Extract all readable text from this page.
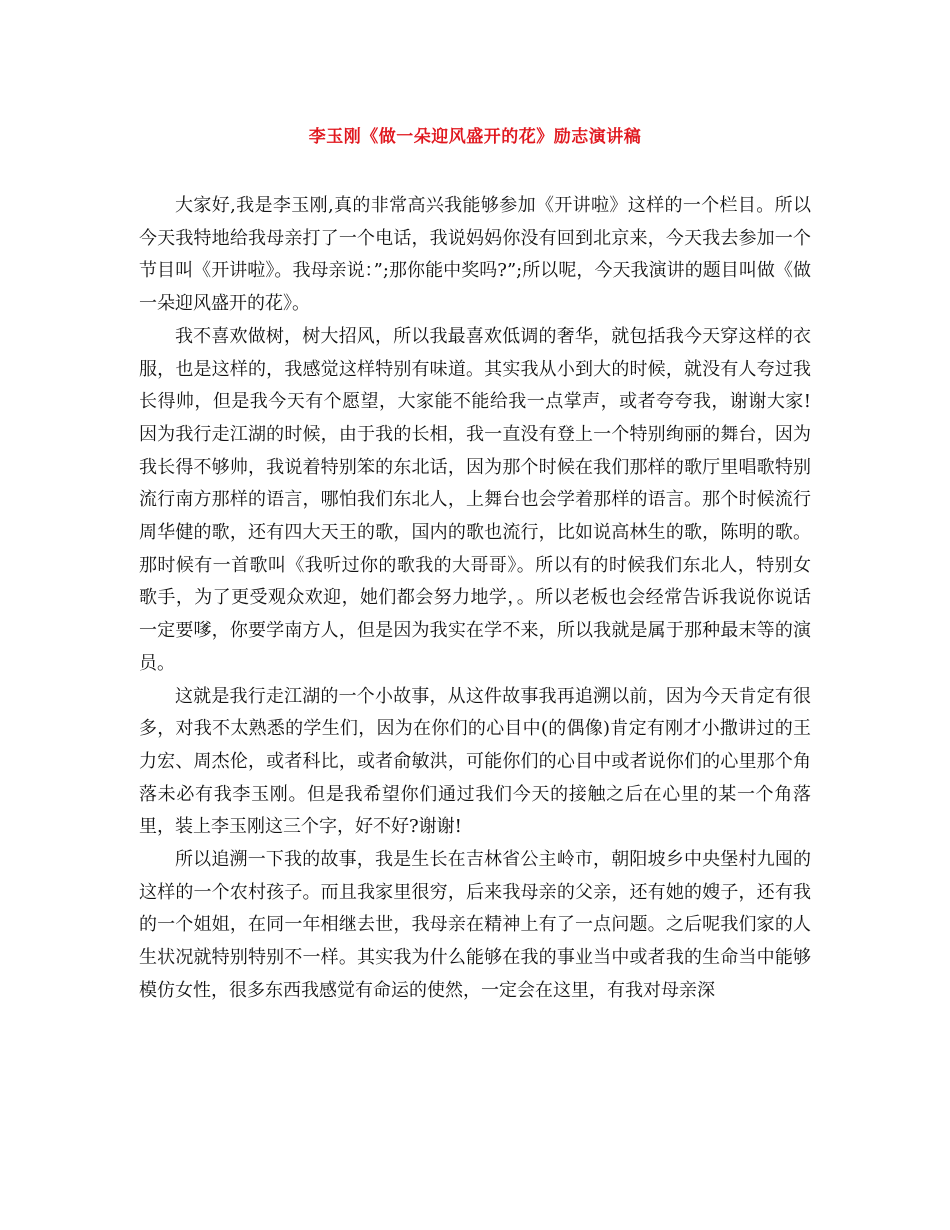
李玉刚《做一朵迎风盛开的花》励志演讲稿

大家好,我是李玉刚,真的非常高兴我能够参加《开讲啦》这样的一个栏目。所以今天我特地给我母亲打了一个电话，我说妈妈你没有回到北京来，今天我去参加一个节目叫《开讲啦》。我母亲说：”;那你能中奖吗?”;所以呢，今天我演讲的题目叫做《做一朵迎风盛开的花》。

我不喜欢做树，树大招风，所以我最喜欢低调的奢华，就包括我今天穿这样的衣服，也是这样的，我感觉这样特别有味道。其实我从小到大的时候，就没有人夸过我长得帅，但是我今天有个愿望，大家能不能给我一点掌声，或者夸夸我，谢谢大家!因为我行走江湖的时候，由于我的长相，我一直没有登上一个特别绚丽的舞台，因为我长得不够帅，我说着特别笨的东北话，因为那个时候在我们那样的歌厅里唱歌特别流行南方那样的语言，哪怕我们东北人，上舞台也会学着那样的语言。那个时候流行周华健的歌，还有四大天王的歌，国内的歌也流行，比如说高林生的歌，陈明的歌。那时候有一首歌叫《我听过你的歌我的大哥哥》。所以有的时候我们东北人，特别女歌手，为了更受观众欢迎，她们都会努力地学，。所以老板也会经常告诉我说你说话一定要嗲，你要学南方人，但是因为我实在学不来，所以我就是属于那种最末等的演员。

这就是我行走江湖的一个小故事，从这件故事我再追溯以前，因为今天肯定有很多，对我不太熟悉的学生们，因为在你们的心目中(的偶像)肯定有刚才小撒讲过的王力宏、周杰伦，或者科比，或者俞敏洪，可能你们的心目中或者说你们的心里那个角落未必有我李玉刚。但是我希望你们通过我们今天的接触之后在心里的某一个角落里，装上李玉刚这三个字，好不好?谢谢!

所以追溯一下我的故事，我是生长在吉林省公主岭市，朝阳坡乡中央堡村九囤的这样的一个农村孩子。而且我家里很穷，后来我母亲的父亲，还有她的嫂子，还有我的一个姐姐，在同一年相继去世，我母亲在精神上有了一点问题。之后呢我们家的人生状况就特别特别不一样。其实我为什么能够在我的事业当中或者我的生命当中能够模仿女性，很多东西我感觉有命运的使然，一定会在这里，有我对母亲深
